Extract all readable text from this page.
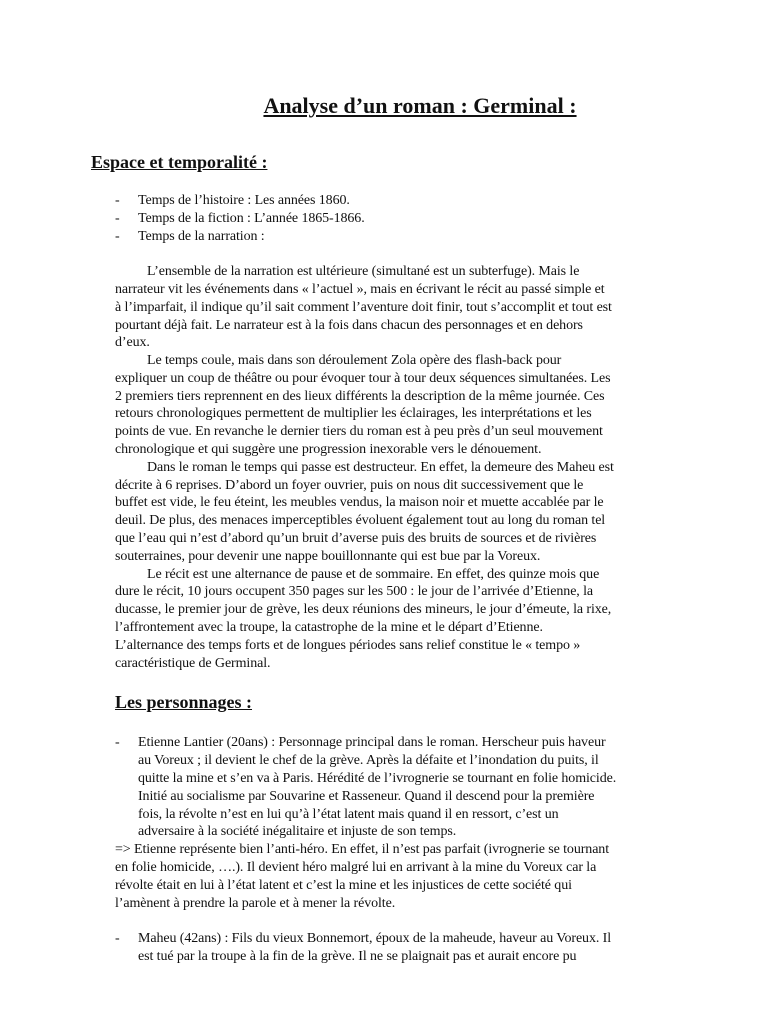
Analyse d’un roman : Germinal :
Espace et temporalité :
- Temps de l’histoire : Les années 1860.
- Temps de la fiction : L’année 1865-1866.
- Temps de la narration :
L’ensemble de la narration est ultérieure (simultané est un subterfuge). Mais le
narrateur vit les événements dans « l’actuel », mais en écrivant le récit au passé simple et
à l’imparfait, il indique qu’il sait comment l’aventure doit finir, tout s’accomplit et tout est
pourtant déjà fait. Le narrateur est à la fois dans chacun des personnages et en dehors
d’eux.
Le temps coule, mais dans son déroulement Zola opère des flash-back pour
expliquer un coup de théâtre ou pour évoquer tour à tour deux séquences simultanées. Les
2 premiers tiers reprennent en des lieux différents la description de la même journée. Ces
retours chronologiques permettent de multiplier les éclairages, les interprétations et les
points de vue. En revanche le dernier tiers du roman est à peu près d’un seul mouvement
chronologique et qui suggère une progression inexorable vers le dénouement.
Dans le roman le temps qui passe est destructeur. En effet, la demeure des Maheu est
décrite à 6 reprises. D’abord un foyer ouvrier, puis on nous dit successivement que le
buffet est vide, le feu éteint, les meubles vendus, la maison noir et muette accablée par le
deuil. De plus, des menaces imperceptibles évoluent également tout au long du roman tel
que l’eau qui n’est d’abord qu’un bruit d’averse puis des bruits de sources et de rivières
souterraines, pour devenir une nappe bouillonnante qui est bue par la Voreux.
Le récit est une alternance de pause et de sommaire. En effet, des quinze mois que
dure le récit, 10 jours occupent 350 pages sur les 500 : le jour de l’arrivée d’Etienne, la
ducasse, le premier jour de grève, les deux réunions des mineurs, le jour d’émeute, la rixe,
l’affrontement avec la troupe, la catastrophe de la mine et le départ d’Etienne.
L’alternance des temps forts et de longues périodes sans relief constitue le « tempo »
caractéristique de Germinal.
Les personnages :
- Etienne Lantier (20ans) : Personnage principal dans le roman. Herscheur puis haveur
au Voreux ; il devient le chef de la grève. Après la défaite et l’inondation du puits, il
quitte la mine et s’en va à Paris. Hérédité de l’ivrognerie se tournant en folie homicide.
Initié au socialisme par Souvarine et Rasseneur. Quand il descend pour la première
fois, la révolte n’est en lui qu’à l’état latent mais quand il en ressort, c’est un
adversaire à la société inégalitaire et injuste de son temps.
=> Etienne représente bien l’anti-héro. En effet, il n’est pas parfait (ivrognerie se tournant
en folie homicide, ….). Il devient héro malgré lui en arrivant à la mine du Voreux car la
révolte était en lui à l’état latent et c’est la mine et les injustices de cette société qui
l’amènent à prendre la parole et à mener la révolte.
- Maheu (42ans) : Fils du vieux Bonnemort, époux de la maheude, haveur au Voreux. Il
est tué par la troupe à la fin de la grève. Il ne se plaignait pas et aurait encore pu
